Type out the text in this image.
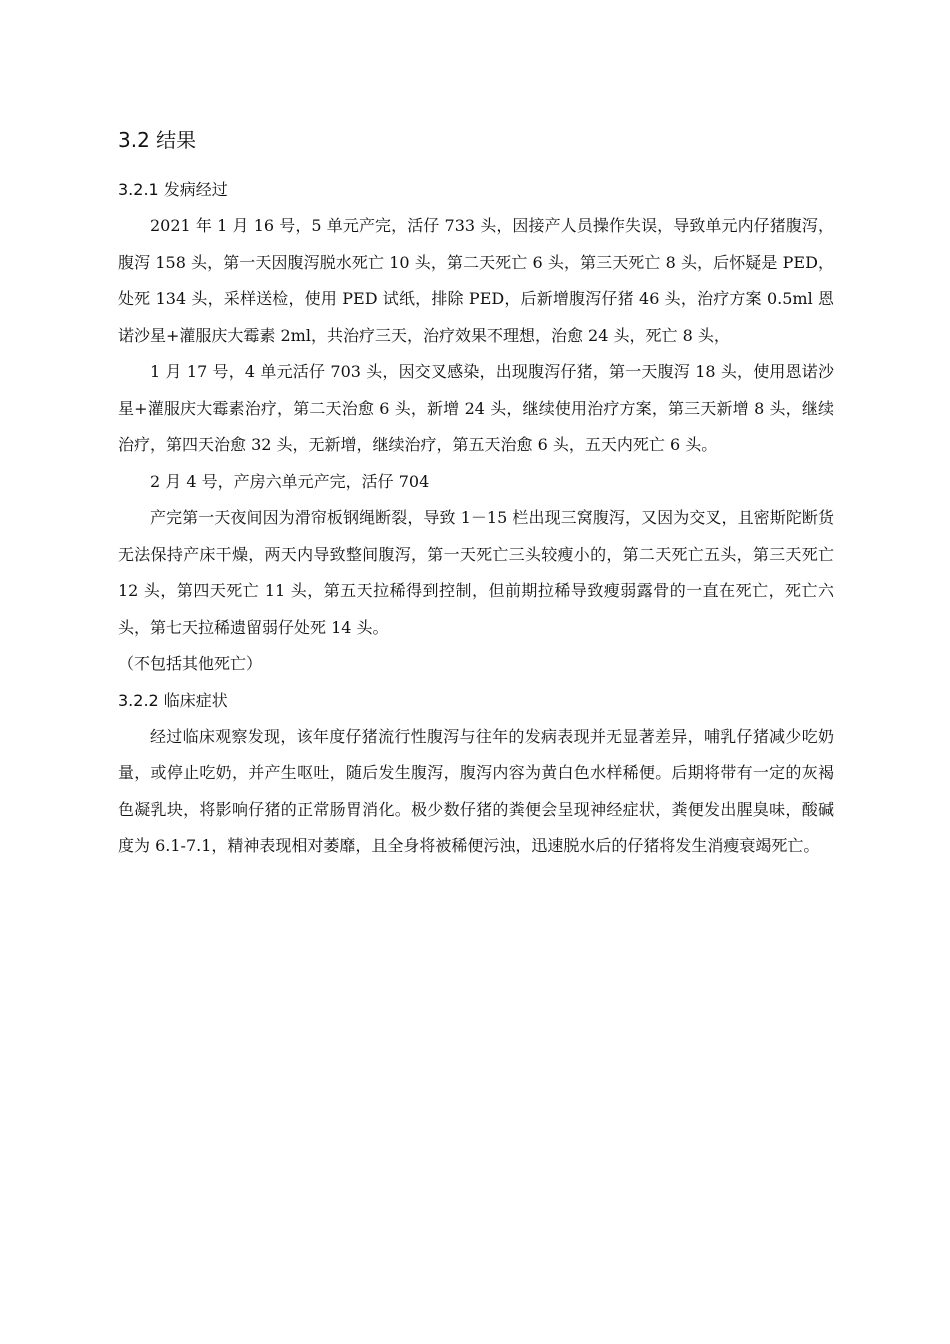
3.2 结果
3.2.1 发病经过

2021 年 1 月 16 号，5 单元产完，活仔 733 头，因接产人员操作失误，导致单元内仔猪腹泻，腹泻 158 头，第一天因腹泻脱水死亡 10 头，第二天死亡 6 头，第三天死亡 8 头，后怀疑是 PED，处死 134 头，采样送检，使用 PED 试纸，排除 PED，后新增腹泻仔猪 46 头，治疗方案 0.5ml 恩诺沙星+灌服庆大霉素 2ml，共治疗三天，治疗效果不理想，治愈 24 头，死亡 8 头，

1 月 17 号，4 单元活仔 703 头，因交叉感染，出现腹泻仔猪，第一天腹泻 18 头，使用恩诺沙星+灌服庆大霉素治疗，第二天治愈 6 头，新增 24 头，继续使用治疗方案，第三天新增 8 头，继续治疗，第四天治愈 32 头，无新增，继续治疗，第五天治愈 6 头，五天内死亡 6 头。

2 月 4 号，产房六单元产完，活仔 704

产完第一天夜间因为滑帘板钢绳断裂，导致 1－15 栏出现三窝腹泻，又因为交叉，且密斯陀断货无法保持产床干燥，两天内导致整间腹泻，第一天死亡三头较瘦小的，第二天死亡五头，第三天死亡 12 头，第四天死亡 11 头，第五天拉稀得到控制，但前期拉稀导致瘦弱露骨的一直在死亡，死亡六头，第七天拉稀遗留弱仔处死 14 头。

（不包括其他死亡）

3.2.2 临床症状

经过临床观察发现，该年度仔猪流行性腹泻与往年的发病表现并无显著差异，哺乳仔猪减少吃奶量，或停止吃奶，并产生呕吐，随后发生腹泻，腹泻内容为黄白色水样稀便。后期将带有一定的灰褐色凝乳块，将影响仔猪的正常肠胃消化。极少数仔猪的粪便会呈现神经症状，粪便发出腥臭味，酸碱度为 6.1-7.1，精神表现相对萎靡，且全身将被稀便污浊，迅速脱水后的仔猪将发生消瘦衰竭死亡。
